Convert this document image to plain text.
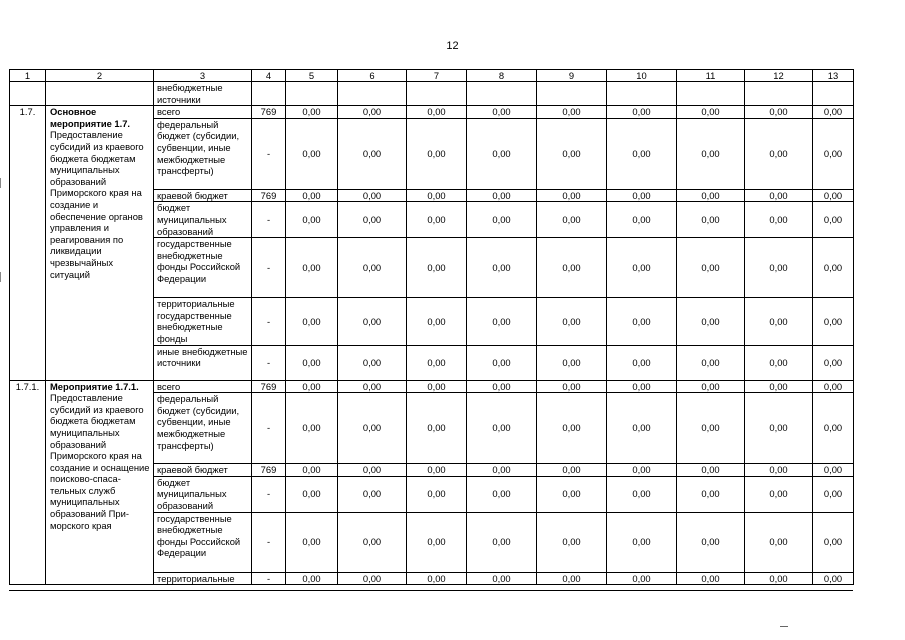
12
1	2	3	4	5	6	7	8	9	10	11	12	13
		внебюджетные источники										
1.7.	Основное мероприятие 1.7.
Предоставление субсидий из краевого бюджета бюджетам муниципальных образований Приморского края на создание и обеспечение органов управления и реагирования по ликвидации чрезвычайных ситуаций	всего	769	0,00	0,00	0,00	0,00	0,00	0,00	0,00	0,00	0,00
		федеральный бюджет (субсидии, субвенции, иные межбюджетные трансферты)	-	0,00	0,00	0,00	0,00	0,00	0,00	0,00	0,00	0,00
		краевой бюджет	769	0,00	0,00	0,00	0,00	0,00	0,00	0,00	0,00	0,00
		бюджет муниципальных образований	-	0,00	0,00	0,00	0,00	0,00	0,00	0,00	0,00	0,00
		государственные внебюджетные фонды Российской Федерации	-	0,00	0,00	0,00	0,00	0,00	0,00	0,00	0,00	0,00
		территориальные государственные внебюджетные фонды	-	0,00	0,00	0,00	0,00	0,00	0,00	0,00	0,00	0,00
		иные внебюджетные источники	-	0,00	0,00	0,00	0,00	0,00	0,00	0,00	0,00	0,00
1.7.1.	Мероприятие 1.7.1.
Предоставление субсидий из краевого бюджета бюджетам муниципальных образований Приморского края на создание и оснащение поисково-спаса-тельных служб муниципальных образований При-морского края	всего	769	0,00	0,00	0,00	0,00	0,00	0,00	0,00	0,00	0,00
		федеральный бюджет (субсидии, субвенции, иные межбюджетные трансферты)	-	0,00	0,00	0,00	0,00	0,00	0,00	0,00	0,00	0,00
		краевой бюджет	769	0,00	0,00	0,00	0,00	0,00	0,00	0,00	0,00	0,00
		бюджет муниципальных образований	-	0,00	0,00	0,00	0,00	0,00	0,00	0,00	0,00	0,00
		государственные внебюджетные фонды Российской Федерации	-	0,00	0,00	0,00	0,00	0,00	0,00	0,00	0,00	0,00
		территориальные	-	0,00	0,00	0,00	0,00	0,00	0,00	0,00	0,00	0,00
